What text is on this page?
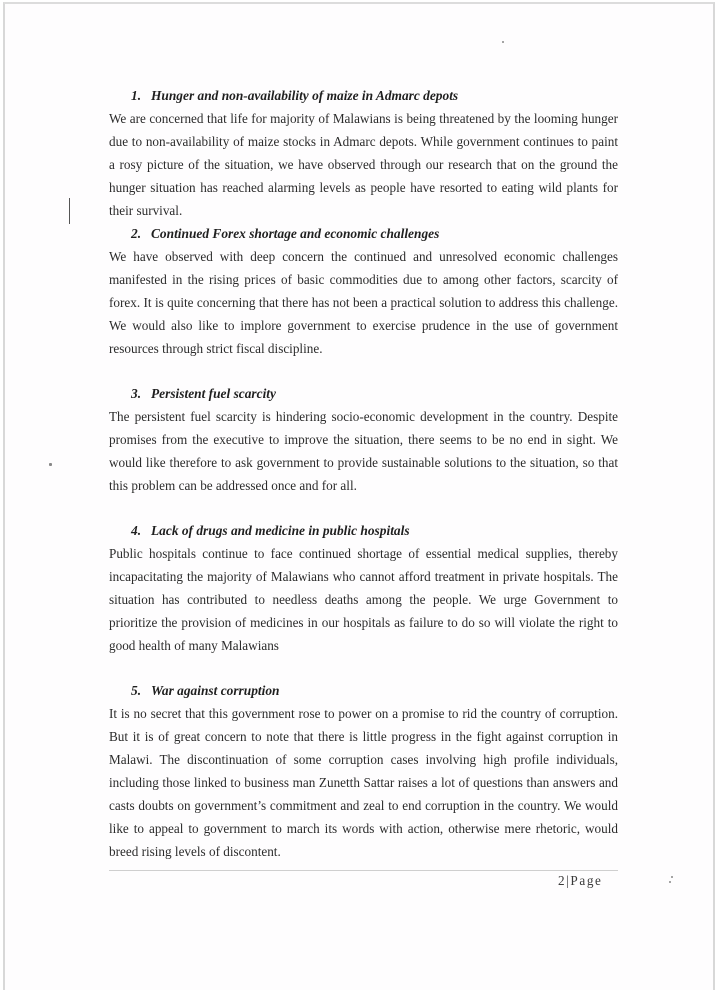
1. Hunger and non-availability of maize in Admarc depots

We are concerned that life for majority of Malawians is being threatened by the looming hunger due to non-availability of maize stocks in Admarc depots. While government continues to paint a rosy picture of the situation, we have observed through our research that on the ground the hunger situation has reached alarming levels as people have resorted to eating wild plants for their survival.

2. Continued Forex shortage and economic challenges

We have observed with deep concern the continued and unresolved economic challenges manifested in the rising prices of basic commodities due to among other factors, scarcity of forex. It is quite concerning that there has not been a practical solution to address this challenge. We would also like to implore government to exercise prudence in the use of government resources through strict fiscal discipline.

3. Persistent fuel scarcity

The persistent fuel scarcity is hindering socio-economic development in the country. Despite promises from the executive to improve the situation, there seems to be no end in sight. We would like therefore to ask government to provide sustainable solutions to the situation, so that this problem can be addressed once and for all.

4. Lack of drugs and medicine in public hospitals

Public hospitals continue to face continued shortage of essential medical supplies, thereby incapacitating the majority of Malawians who cannot afford treatment in private hospitals. The situation has contributed to needless deaths among the people. We urge Government to prioritize the provision of medicines in our hospitals as failure to do so will violate the right to good health of many Malawians

5. War against corruption

It is no secret that this government rose to power on a promise to rid the country of corruption. But it is of great concern to note that there is little progress in the fight against corruption in Malawi. The discontinuation of some corruption cases involving high profile individuals, including those linked to business man Zunetth Sattar raises a lot of questions than answers and casts doubts on government’s commitment and zeal to end corruption in the country. We would like to appeal to government to march its words with action, otherwise mere rhetoric, would breed rising levels of discontent.

2|Page
